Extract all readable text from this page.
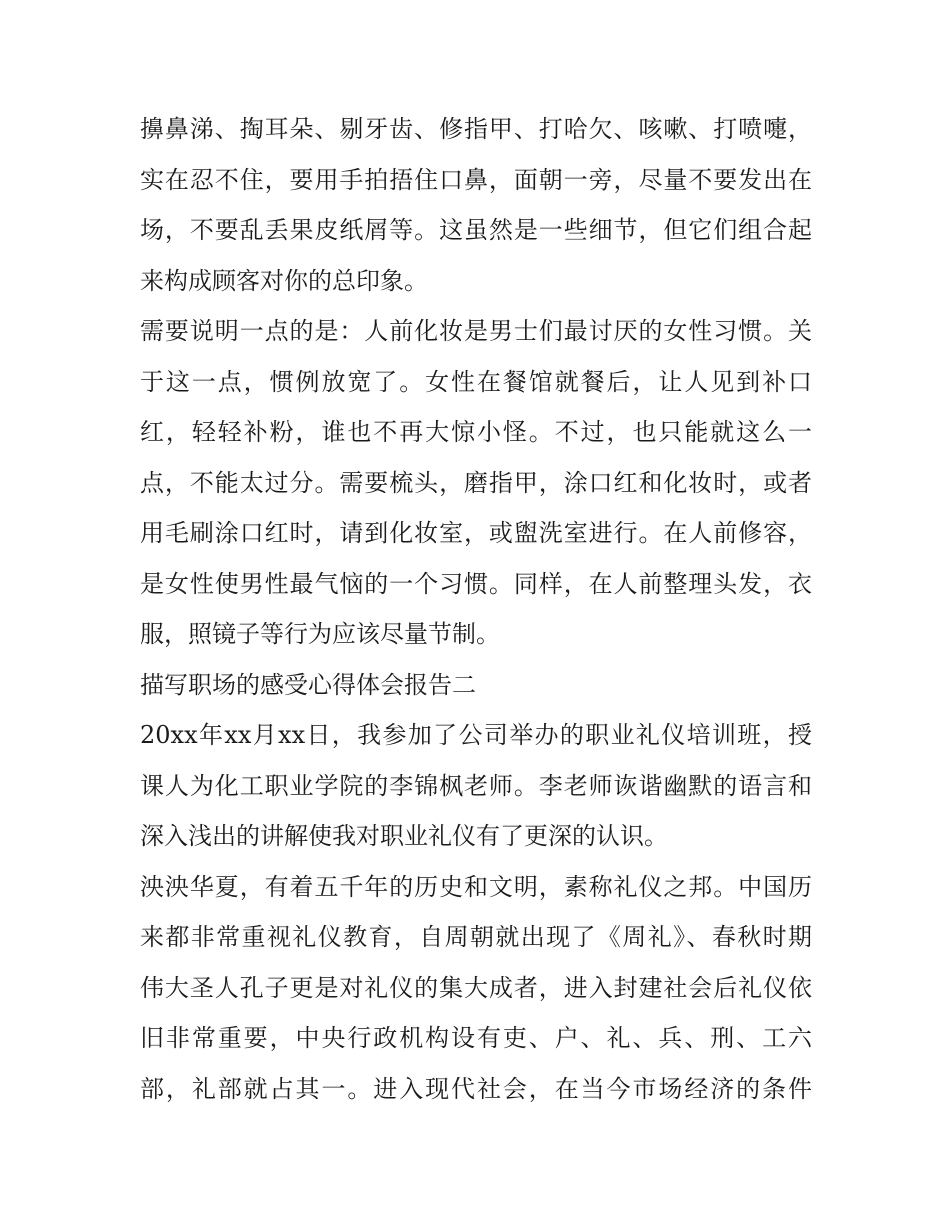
擤鼻涕、掏耳朵、剔牙齿、修指甲、打哈欠、咳嗽、打喷嚏，
实在忍不住，要用手拍捂住口鼻，面朝一旁，尽量不要发出在
场，不要乱丢果皮纸屑等。这虽然是一些细节，但它们组合起
来构成顾客对你的总印象。
需要说明一点的是：人前化妆是男士们最讨厌的女性习惯。关
于这一点，惯例放宽了。女性在餐馆就餐后，让人见到补口
红，轻轻补粉，谁也不再大惊小怪。不过，也只能就这么一
点，不能太过分。需要梳头，磨指甲，涂口红和化妆时，或者
用毛刷涂口红时，请到化妆室，或盥洗室进行。在人前修容，
是女性使男性最气恼的一个习惯。同样，在人前整理头发，衣
服，照镜子等行为应该尽量节制。
描写职场的感受心得体会报告二
20xx年xx月xx日，我参加了公司举办的职业礼仪培训班，授
课人为化工职业学院的李锦枫老师。李老师诙谐幽默的语言和
深入浅出的讲解使我对职业礼仪有了更深的认识。
泱泱华夏，有着五千年的历史和文明，素称礼仪之邦。中国历
来都非常重视礼仪教育，自周朝就出现了《周礼》、春秋时期
伟大圣人孔子更是对礼仪的集大成者，进入封建社会后礼仪依
旧非常重要，中央行政机构设有吏、户、礼、兵、刑、工六
部，礼部就占其一。进入现代社会，在当今市场经济的条件
